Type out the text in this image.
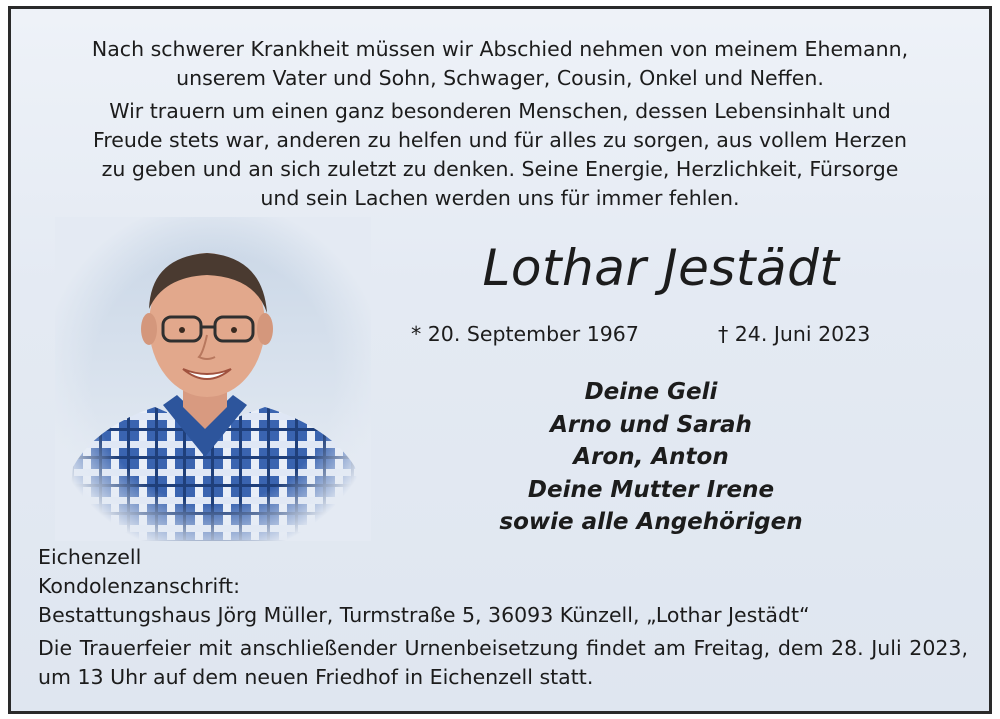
Nach schwerer Krankheit müssen wir Abschied nehmen von meinem Ehemann,
unserem Vater und Sohn, Schwager, Cousin, Onkel und Neffen.

Wir trauern um einen ganz besonderen Menschen, dessen Lebensinhalt und
Freude stets war, anderen zu helfen und für alles zu sorgen, aus vollem Herzen
zu geben und an sich zuletzt zu denken. Seine Energie, Herzlichkeit, Fürsorge
und sein Lachen werden uns für immer fehlen.

Lothar Jestädt
* 20. September 1967	† 24. Juni 2023
Deine Geli
Arno und Sarah
Aron, Anton
Deine Mutter Irene
sowie alle Angehörigen
Eichenzell
Kondolenzanschrift:
Bestattungshaus Jörg Müller, Turmstraße 5, 36093 Künzell, „Lothar Jestädt“
Die Trauerfeier mit anschließender Urnenbeisetzung findet am Freitag, dem 28. Juli 2023, um 13 Uhr auf dem neuen Friedhof in Eichenzell statt.
